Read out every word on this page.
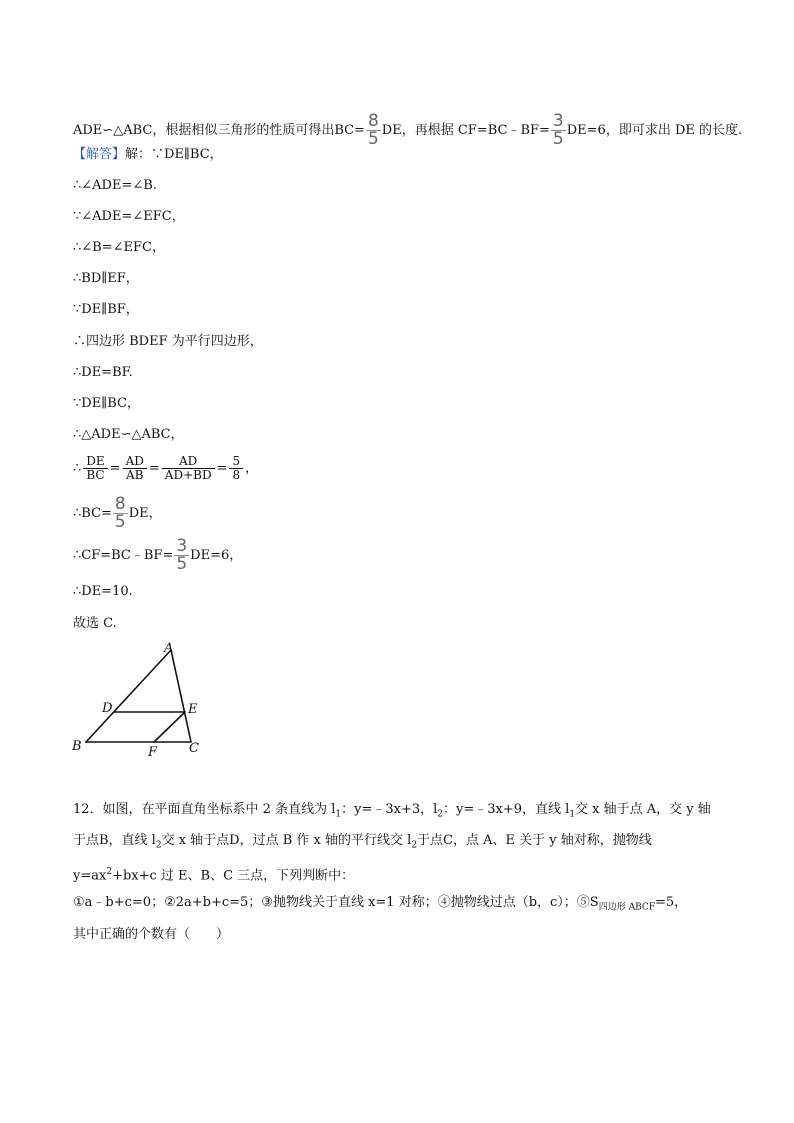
ADE∽△ABC，根据相似三角形的性质可得出$BC= \frac{8}{5}$ DE，再根据 CF=BC﹣BF= $\frac{3}{5} DE=6$，即可求出 DE 的长度.
【解答】解：∵DE∥BC，
∴∠ADE=∠B.
∵∠ADE=∠EFC，
∴∠B=∠EFC，
∴BD∥EF，
∵DE∥BF，
∴四边形 BDEF 为平行四边形，
∴DE=BF.
∵DE∥BC，
∴△ADE∽△ABC，
∴ $\frac{DE}{BC} = \frac{AD}{AB} = \frac{AD}{AD+BD} = \frac{5}{8}$ ，
∴BC= $\frac{8}{5}$ DE，
∴CF=BC﹣BF= $\frac{3}{5} DE=6$，
∴DE=10.
故选 C.
A
D	E
B	F C
12．如图，在平面直角坐标系中 2 条直线为 $l_1$：y=﹣3x+3，$l_2$：y=﹣3x+9，直线 $l_1$交 x 轴于点 A，交 y 轴
于点B，直线 $l_2$交 x 轴于点D，过点 B 作 x 轴的平行线交 $l_2$于点C，点 A、E 关于 y 轴对称，抛物线
$y=ax^2+bx+c$ 过 E、B、C 三点，下列判断中：
①a﹣b+c=0；②2a+b+c=5；③抛物线关于直线 x=1 对称；④抛物线过点（b，c）；$⑤S_{四边形 ABCF}=5$，
其中正确的个数有（　　）
